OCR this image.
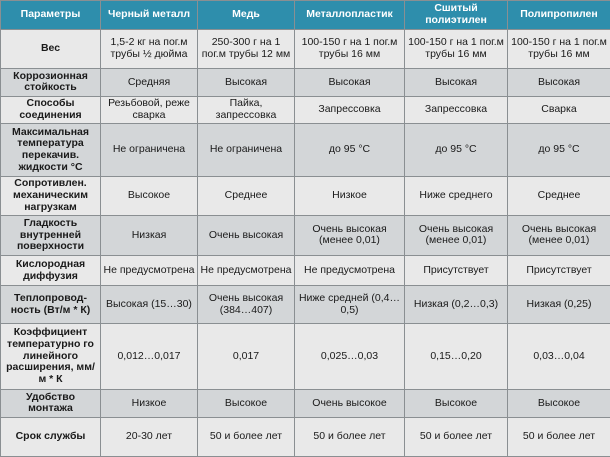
Параметры	Черный металл	Медь	Металлопластик	Сшитый полиэтилен	Полипропилен
Вес	1,5-2 кг на пог.м трубы ½ дюйма	250-300 г на 1 пог.м трубы 12 мм	100-150 г на 1 пог.м трубы 16 мм	100-150 г на 1 пог.м трубы 16 мм	100-150 г на 1 пог.м трубы 16 мм
Коррозионная стойкость	Средняя	Высокая	Высокая	Высокая	Высокая
Способы соединения	Резьбовой, реже сварка	Пайка, запрессовка	Запрессовка	Запрессовка	Сварка
Максимальная температура перекачив. жидкости °С	Не ограничена	Не ограничена	до 95 °С	до 95 °С	до 95 °С
Сопротивлен. механическим нагрузкам	Высокое	Среднее	Низкое	Ниже среднего	Среднее
Гладкость внутренней поверхности	Низкая	Очень высокая	Очень высокая (менее 0,01)	Очень высокая (менее 0,01)	Очень высокая (менее 0,01)
Кислородная диффузия	Не предусмотрена	Не предусмотрена	Не предусмотрена	Присутствует	Присутствует
Теплопровод-ность (Вт/м * К)	Высокая (15…30)	Очень высокая (384…407)	Ниже средней (0,4…0,5)	Низкая (0,2…0,3)	Низкая (0,25)
Коэффициент температурно го линейного расширения, мм/м * К	0,012…0,017	0,017	0,025…0,03	0,15…0,20	0,03…0,04
Удобство монтажа	Низкое	Высокое	Очень высокое	Высокое	Высокое
Срок службы	20-30 лет	50 и более лет	50 и более лет	50 и более лет	50 и более лет
